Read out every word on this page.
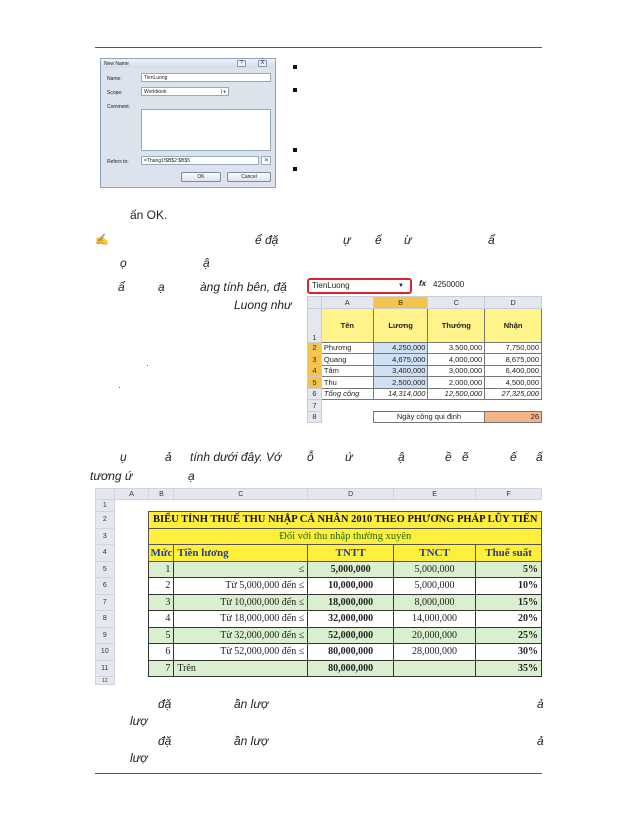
New Name	?	X
Name:	TienLuong
Scope:	Workbook	▼
Comment:
Refers to:	=Thang1!$B$2:$B$5	⇲
OK	Cancel
ấn OK.
✍	ể đặ	ự ế ừ	ẩ
ọ	ậ
ẩ	ạ	àng tính bên, đặ
Luong như
·
·
TienLuong	▼ fx 4250000
	A	B	C	D
1	Tên	Lương	Thưởng	Nhận
2	Phương	4,250,000	3,500,000	7,750,000
3	Quang	4,675,000	4,000,000	8,675,000
4	Tâm	3,400,000	3,000,000	6,400,000
5	Thu	2,500,000	2,000,000	4,500,000
6	Tổng cộng	14,314,000	12,500,000	27,325,000
7				
8		Ngày công qui định		26
ụ	ả tính dưới đây. Vớ ỗ	ứ	ậ	ề ẽ	ế ấ
tương ứ	ạ
	A	B	C	D	E	F
1						
2		BIỂU TÍNH THUẾ THU NHẬP CÁ NHÂN 2010 THEO PHƯƠNG PHÁP LŨY TIẾN				
3		Đối với thu nhập thường xuyên				
4		Mức	Tiền lương	TNTT	TNCT	Thuế suất
5		1	≤	5,000,000	5,000,000	5%
6		2	Từ 5,000,000 đến ≤	10,000,000	5,000,000	10%
7		3	Từ 10,000,000 đến ≤	18,000,000	8,000,000	15%
8		4	Từ 18,000,000 đến ≤	32,000,000	14,000,000	20%
9		5	Từ 32,000,000 đến ≤	52,000,000	20,000,000	25%
10		6	Từ 52,000,000 đến ≤	80,000,000	28,000,000	30%
11		7	Trên	80,000,000		35%
12						
đặ	ần lượ	ả
lượ
đặ	ần lượ	ả
lượ
